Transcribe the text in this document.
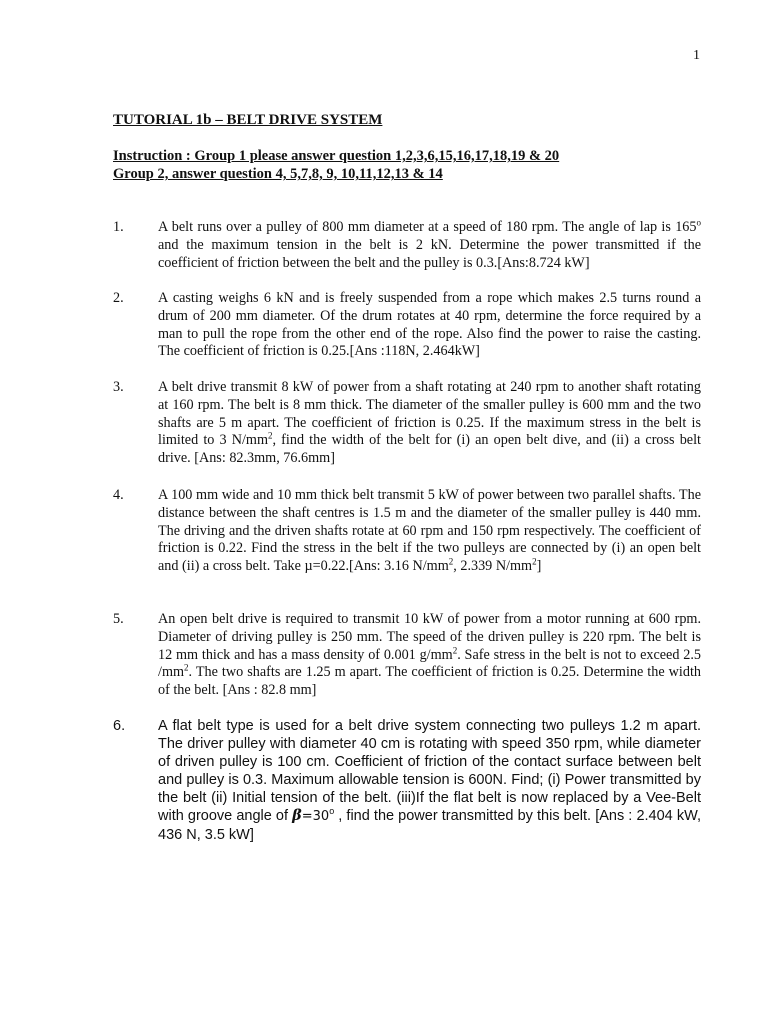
1
TUTORIAL 1b – BELT DRIVE SYSTEM
Instruction : Group 1 please answer question 1,2,3,6,15,16,17,18,19 & 20
Group 2, answer question 4, 5,7,8, 9, 10,11,12,13 & 14
1.	A belt runs over a pulley of 800 mm diameter at a speed of 180 rpm. The angle of lap is 165$^o$ and the maximum tension in the belt is 2 kN. Determine the power transmitted if the coefficient of friction between the belt and the pulley is 0.3.[Ans:8.724 kW]
2.	A casting weighs 6 kN and is freely suspended from a rope which makes 2.5 turns round a drum of 200 mm diameter. Of the drum rotates at 40 rpm, determine the force required by a man to pull the rope from the other end of the rope. Also find the power to raise the casting. The coefficient of friction is 0.25.[Ans :118N, 2.464kW]
3.	A belt drive transmit 8 kW of power from a shaft rotating at 240 rpm to another shaft rotating at 160 rpm. The belt is 8 mm thick. The diameter of the smaller pulley is 600 mm and the two shafts are 5 m apart. The coefficient of friction is 0.25. If the maximum stress in the belt is limited to 3 $N/mm^2$, find the width of the belt for (i) an open belt dive, and (ii) a cross belt drive. [Ans: 82.3mm, 76.6mm]
4.	A 100 mm wide and 10 mm thick belt transmit 5 kW of power between two parallel shafts. The distance between the shaft centres is 1.5 m and the diameter of the smaller pulley is 440 mm. The driving and the driven shafts rotate at 60 rpm and 150 rpm respectively. The coefficient of friction is 0.22. Find the stress in the belt if the two pulleys are connected by (i) an open belt and (ii) a cross belt. Take µ=0.22.[Ans: 3.16 $N/mm^2$, 2.339 $N/mm^2$]
5.	An open belt drive is required to transmit 10 kW of power from a motor running at 600 rpm. Diameter of driving pulley is 250 mm. The speed of the driven pulley is 220 rpm. The belt is 12 mm thick and has a mass density of 0.001 $g/mm^2$. Safe stress in the belt is not to exceed 2.5 $/mm^2$. The two shafts are 1.25 m apart. The coefficient of friction is 0.25. Determine the width of the belt. [Ans : 82.8 mm]
6.	A flat belt type is used for a belt drive system connecting two pulleys 1.2 m apart. The driver pulley with diameter 40 cm is rotating with speed 350 rpm, while diameter of driven pulley is 100 cm. Coefficient of friction of the contact surface between belt and pulley is 0.3. Maximum allowable tension is 600N. Find; (i) Power transmitted by the belt (ii) Initial tension of the belt. (iii)If the flat belt is now replaced by a Vee-Belt with groove angle of $\beta=30^o$ , find the power transmitted by this belt. [Ans : 2.404 kW, 436 N, 3.5 kW]
